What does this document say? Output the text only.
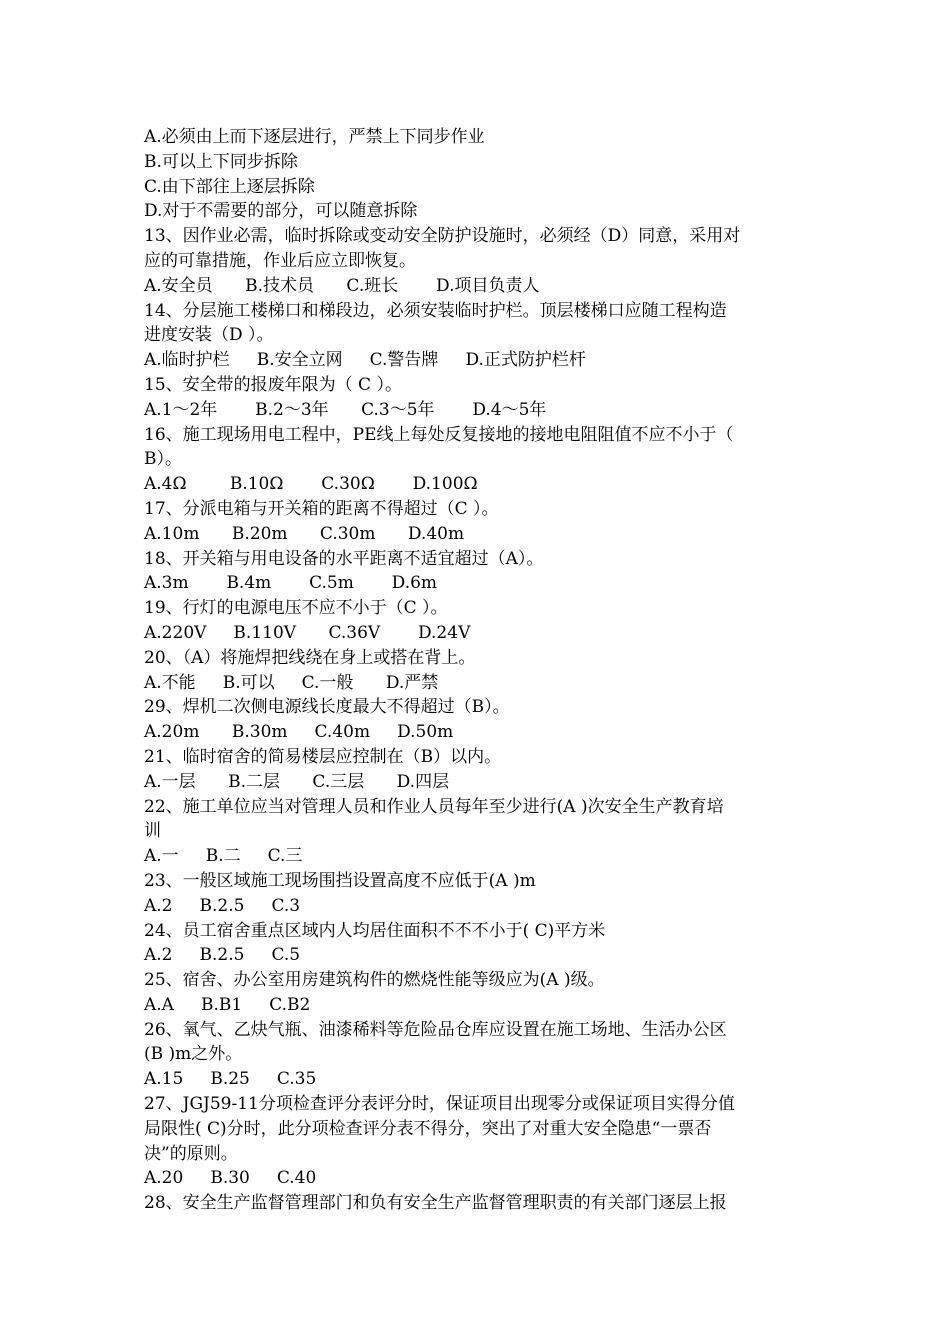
A.必须由上而下逐层进行，严禁上下同步作业
B.可以上下同步拆除
C.由下部往上逐层拆除
D.对于不需要的部分，可以随意拆除
13、因作业必需，临时拆除或变动安全防护设施时，必须经（D）同意，采用对
应的可靠措施，作业后应立即恢复。
A.安全员      B.技术员      C.班长       D.项目负责人
14、分层施工楼梯口和梯段边，必须安装临时护栏。顶层楼梯口应随工程构造
进度安装（D ）。
A.临时护栏     B.安全立网     C.警告牌     D.正式防护栏杆
15、安全带的报废年限为（ C ）。
A.1～2年       B.2～3年      C.3～5年       D.4～5年
16、施工现场用电工程中，PE线上每处反复接地的接地电阻阻值不应不小于（
B）。
A.4Ω        B.10Ω       C.30Ω       D.100Ω
17、分派电箱与开关箱的距离不得超过（C ）。
A.10m      B.20m      C.30m      D.40m
18、开关箱与用电设备的水平距离不适宜超过（A）。
A.3m       B.4m       C.5m       D.6m
19、行灯的电源电压不应不小于（C ）。
A.220V     B.110V      C.36V       D.24V
20、（A）将施焊把线绕在身上或搭在背上。
A.不能     B.可以     C.一般      D.严禁
29、焊机二次侧电源线长度最大不得超过（B）。
A.20m      B.30m     C.40m     D.50m
21、临时宿舍的简易楼层应控制在（B）以内。
A.一层      B.二层      C.三层      D.四层
22、施工单位应当对管理人员和作业人员每年至少进行(A )次安全生产教育培
训
A.一     B.二     C.三
23、一般区域施工现场围挡设置高度不应低于(A )m
A.2     B.2.5     C.3
24、员工宿舍重点区域内人均居住面积不不不小于( C)平方米
A.2     B.2.5     C.5
25、宿舍、办公室用房建筑构件的燃烧性能等级应为(A )级。
A.A     B.B1     C.B2
26、氧气、乙炔气瓶、油漆稀料等危险品仓库应设置在施工场地、生活办公区
(B )m之外。
A.15     B.25     C.35
27、JGJ59-11分项检查评分表评分时，保证项目出现零分或保证项目实得分值
局限性( C)分时，此分项检查评分表不得分，突出了对重大安全隐患“一票否
决”的原则。
A.20     B.30     C.40
28、安全生产监督管理部门和负有安全生产监督管理职责的有关部门逐层上报
